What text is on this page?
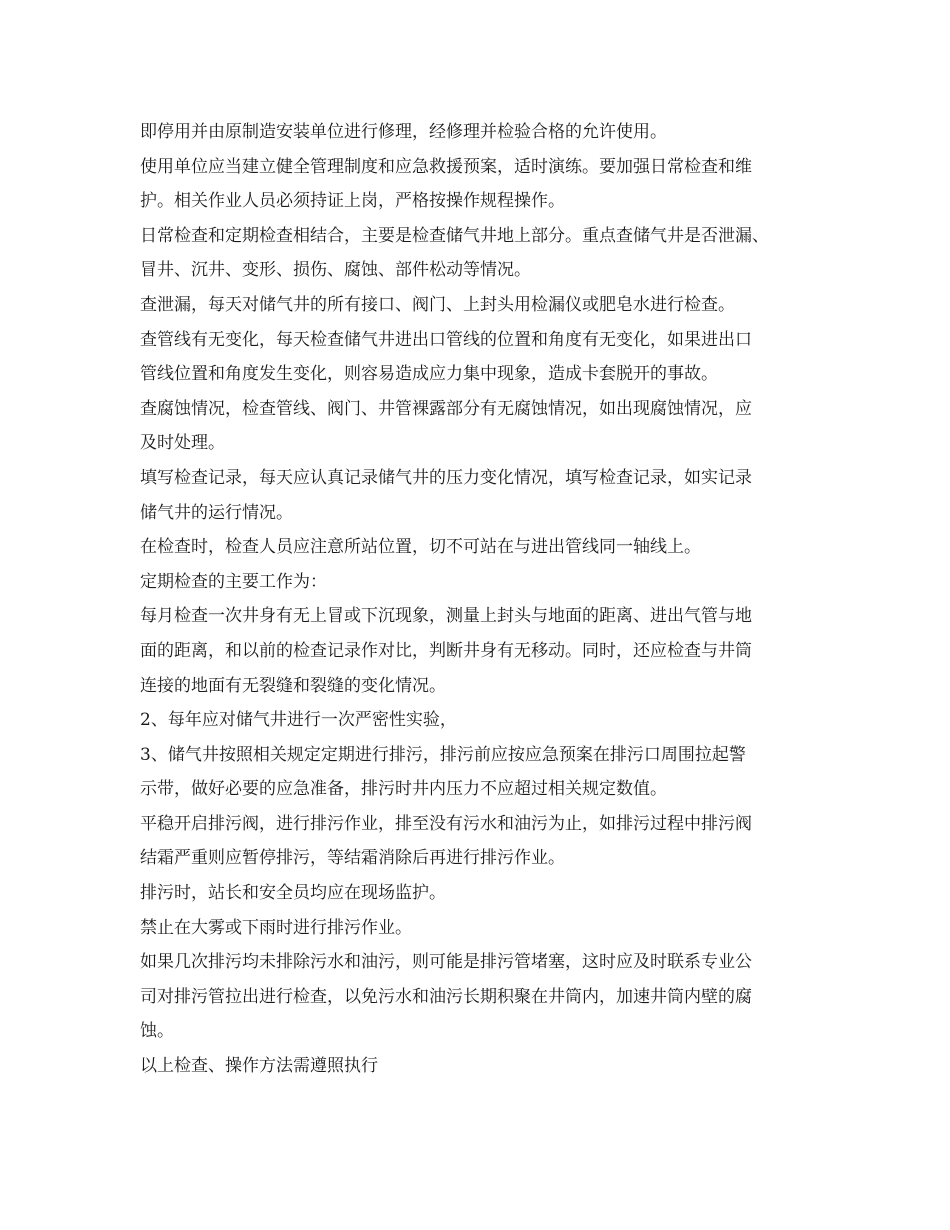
即停用并由原制造安装单位进行修理，经修理并检验合格的允许使用。
使用单位应当建立健全管理制度和应急救援预案，适时演练。要加强日常检查和维
护。相关作业人员必须持证上岗，严格按操作规程操作。
日常检查和定期检查相结合，主要是检查储气井地上部分。重点查储气井是否泄漏、
冒井、沉井、变形、损伤、腐蚀、部件松动等情况。
查泄漏，每天对储气井的所有接口、阀门、上封头用检漏仪或肥皂水进行检查。
查管线有无变化，每天检查储气井进出口管线的位置和角度有无变化，如果进出口
管线位置和角度发生变化，则容易造成应力集中现象，造成卡套脱开的事故。
查腐蚀情况，检查管线、阀门、井管裸露部分有无腐蚀情况，如出现腐蚀情况，应
及时处理。
填写检查记录，每天应认真记录储气井的压力变化情况，填写检查记录，如实记录
储气井的运行情况。
在检查时，检查人员应注意所站位置，切不可站在与进出管线同一轴线上。
定期检查的主要工作为：
每月检查一次井身有无上冒或下沉现象，测量上封头与地面的距离、进出气管与地
面的距离，和以前的检查记录作对比，判断井身有无移动。同时，还应检查与井筒
连接的地面有无裂缝和裂缝的变化情况。
2、每年应对储气井进行一次严密性实验，
3、储气井按照相关规定定期进行排污，排污前应按应急预案在排污口周围拉起警
示带，做好必要的应急准备，排污时井内压力不应超过相关规定数值。
平稳开启排污阀，进行排污作业，排至没有污水和油污为止，如排污过程中排污阀
结霜严重则应暂停排污，等结霜消除后再进行排污作业。
排污时，站长和安全员均应在现场监护。
禁止在大雾或下雨时进行排污作业。
如果几次排污均未排除污水和油污，则可能是排污管堵塞，这时应及时联系专业公
司对排污管拉出进行检查，以免污水和油污长期积聚在井筒内，加速井筒内壁的腐
蚀。
以上检查、操作方法需遵照执行
